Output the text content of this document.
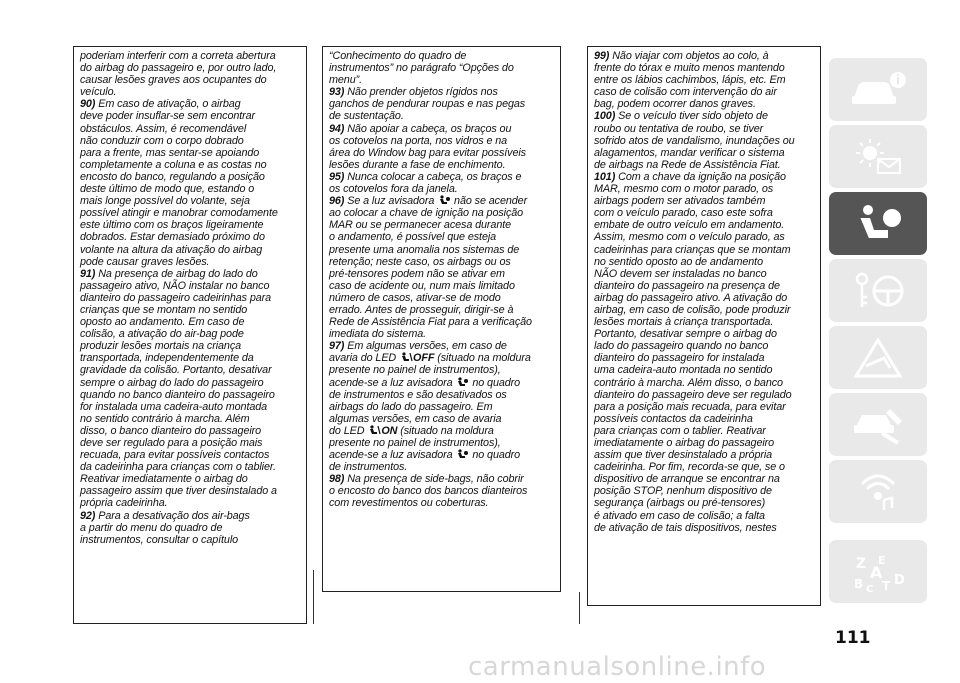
poderiam interferir com a correta abertura
do airbag do passageiro e, por outro lado,
causar lesões graves aos ocupantes do
veículo.

90) Em caso de ativação, o airbag
deve poder insuflar-se sem encontrar
obstáculos. Assim, é recomendável
não conduzir com o corpo dobrado
para a frente, mas sentar-se apoiando
completamente a coluna e as costas no
encosto do banco, regulando a posição
deste último de modo que, estando o
mais longe possível do volante, seja
possível atingir e manobrar comodamente
este último com os braços ligeiramente
dobrados. Estar demasiado próximo do
volante na altura da ativação do airbag
pode causar graves lesões.

91) Na presença de airbag do lado do
passageiro ativo, NÃO instalar no banco
dianteiro do passageiro cadeirinhas para
crianças que se montam no sentido
oposto ao andamento. Em caso de
colisão, a ativação do air-bag pode
produzir lesões mortais na criança
transportada, independentemente da
gravidade da colisão. Portanto, desativar
sempre o airbag do lado do passageiro
quando no banco dianteiro do passageiro
for instalada uma cadeira-auto montada
no sentido contrário à marcha. Além
disso, o banco dianteiro do passageiro
deve ser regulado para a posição mais
recuada, para evitar possíveis contactos
da cadeirinha para crianças com o tablier.
Reativar imediatamente o airbag do
passageiro assim que tiver desinstalado a
própria cadeirinha.

92) Para a desativação dos air-bags
a partir do menu do quadro de
instrumentos, consultar o capítulo

“Conhecimento do quadro de
instrumentos” no parágrafo “Opções do
menu”.

93) Não prender objetos rígidos nos
ganchos de pendurar roupas e nas pegas
de sustentação.

94) Não apoiar a cabeça, os braços ou
os cotovelos na porta, nos vidros e na
área do Window bag para evitar possíveis
lesões durante a fase de enchimento.

95) Nunca colocar a cabeça, os braços e
os cotovelos fora da janela.

96) Se a luz avisadora  não se acender
ao colocar a chave de ignição na posição
MAR ou se permanecer acesa durante
o andamento, é possível que esteja
presente uma anomalia nos sistemas de
retenção; neste caso, os airbags ou os
pré-tensores podem não se ativar em
caso de acidente ou, num mais limitado
número de casos, ativar-se de modo
errado. Antes de prosseguir, dirigir-se à
Rede de Assistência Fiat para a verificação
imediata do sistema.

97) Em algumas versões, em caso de
avaria do LED OFF (situado na moldura
presente no painel de instrumentos),
acende-se a luz avisadora  no quadro
de instrumentos e são desativados os
airbags do lado do passageiro. Em
algumas versões, em caso de avaria
do LED ON (situado na moldura
presente no painel de instrumentos),
acende-se a luz avisadora  no quadro
de instrumentos.

98) Na presença de side-bags, não cobrir
o encosto do banco dos bancos dianteiros
com revestimentos ou coberturas.

99) Não viajar com objetos ao colo, à
frente do tórax e muito menos mantendo
entre os lábios cachimbos, lápis, etc. Em
caso de colisão com intervenção do air
bag, podem ocorrer danos graves.

100) Se o veículo tiver sido objeto de
roubo ou tentativa de roubo, se tiver
sofrido atos de vandalismo, inundações ou
alagamentos, mandar verificar o sistema
de airbags na Rede de Assistência Fiat.

101) Com a chave da ignição na posição
MAR, mesmo com o motor parado, os
airbags podem ser ativados também
com o veículo parado, caso este sofra
embate de outro veículo em andamento.
Assim, mesmo com o veículo parado, as
cadeirinhas para crianças que se montam
no sentido oposto ao de andamento
NÃO devem ser instaladas no banco
dianteiro do passageiro na presença de
airbag do passageiro ativo. A ativação do
airbag, em caso de colisão, pode produzir
lesões mortais à criança transportada.
Portanto, desativar sempre o airbag do
lado do passageiro quando no banco
dianteiro do passageiro for instalada
uma cadeira-auto montada no sentido
contrário à marcha. Além disso, o banco
dianteiro do passageiro deve ser regulado
para a posição mais recuada, para evitar
possíveis contactos da cadeirinha
para crianças com o tablier. Reativar
imediatamente o airbag do passageiro
assim que tiver desinstalado a própria
cadeirinha. Por fim, recorda-se que, se o
dispositivo de arranque se encontrar na
posição STOP, nenhum dispositivo de
segurança (airbags ou pré-tensores)
é ativado em caso de colisão; a falta
de ativação de tais dispositivos, nestes

Z E
A
B C T D
111
carmanualsonline.info
